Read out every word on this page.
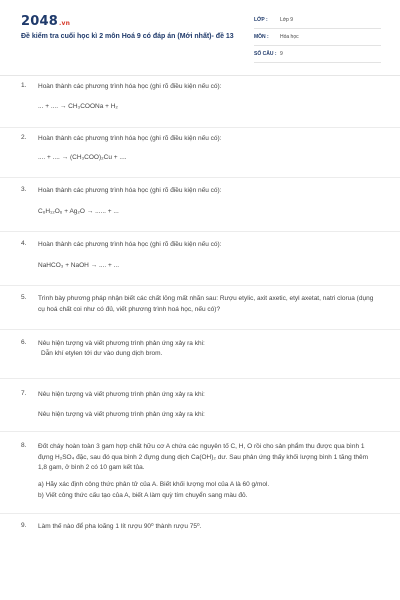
2048.vn
Đề kiểm tra cuối học kì 2 môn Hoá 9 có đáp án (Mới nhất)- đề 13
LỚP : Lớp 9
MÔN : Hóa học
SỐ CÂU : 9
1. Hoàn thành các phương trình hóa học (ghi rõ điều kiện nếu có):
... + .... → CH₃COONa + H₂
2. Hoàn thành các phương trình hóa học (ghi rõ điều kiện nếu có):
.... + .... → (CH₃COO)₂Cu + ....
3. Hoàn thành các phương trình hóa học (ghi rõ điều kiện nếu có):
C₆H₁₂O₆ + Ag₂O → ...... + ...
4. Hoàn thành các phương trình hóa học (ghi rõ điều kiện nếu có):
NaHCO₃ + NaOH → .... + ...
5. Trình bày phương pháp nhận biết các chất lỏng mất nhãn sau: Rượu etylic, axit axetic, etyl axetat, natri clorua (dụng cụ hoá chất coi như có đủ, viết phương trình hoá học, nếu có)?
6. Nêu hiện tượng và viết phương trình phản ứng xảy ra khi:
Dẫn khí etylen tới dư vào dung dịch brom.
7. Nêu hiện tượng và viết phương trình phản ứng xảy ra khi:
Nêu hiện tượng và viết phương trình phản ứng xảy ra khi:
8. Đốt cháy hoàn toàn 3 gam hợp chất hữu cơ A chứa các nguyên tố C, H, O rồi cho sản phẩm thu được qua bình 1 đựng H₂SO₄ đặc, sau đó qua bình 2 đựng dung dịch Ca(OH)₂ dư. Sau phản ứng thấy khối lượng bình 1 tăng thêm 1,8 gam, ở bình 2 có 10 gam kết tủa.
a) Hãy xác định công thức phân tử của A. Biết khối lượng mol của A là 60 g/mol.
b) Viết công thức cấu tạo của A, biết A làm quỳ tím chuyển sang màu đỏ.
9. Làm thế nào để pha loãng 1 lít rượu 90⁰ thành rượu 75⁰.
